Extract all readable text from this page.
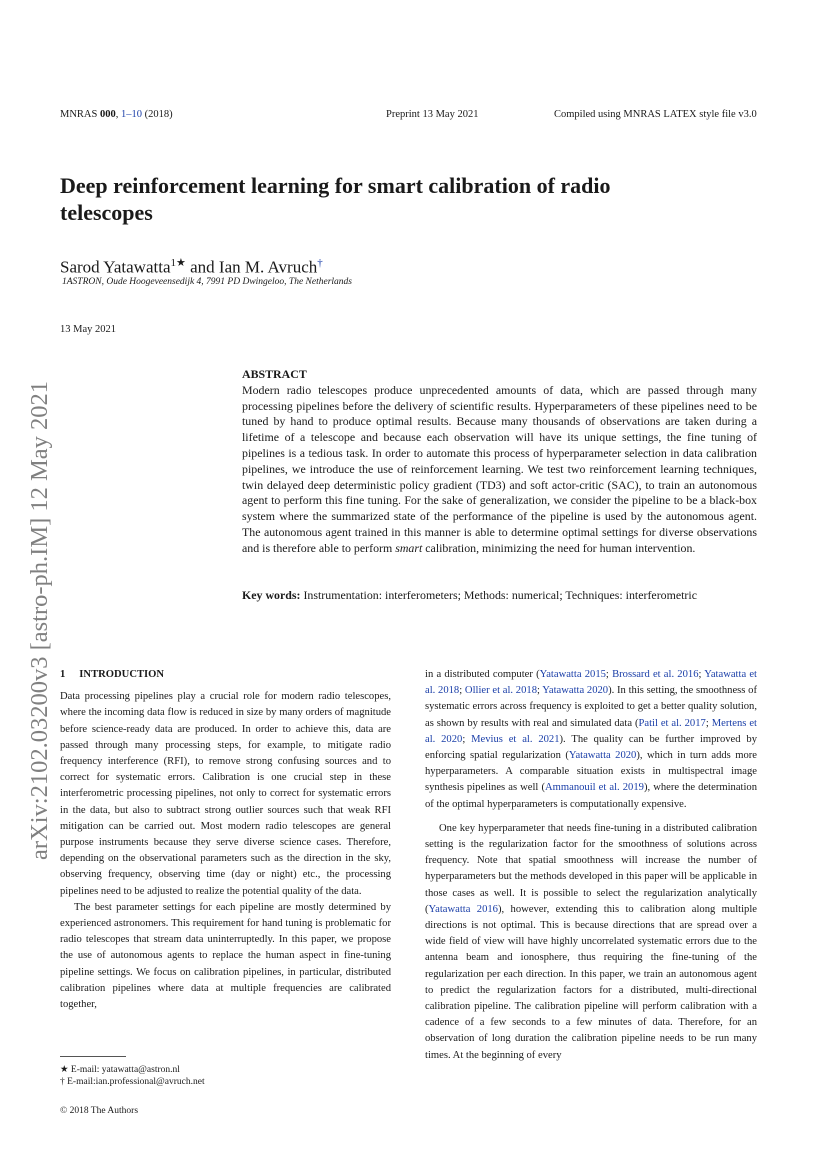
MNRAS 000, 1–10 (2018)	Preprint 13 May 2021	Compiled using MNRAS LATEX style file v3.0
Deep reinforcement learning for smart calibration of radio telescopes
Sarod Yatawatta$^{1★}$ and Ian M. Avruch†
1ASTRON, Oude Hoogeveensedijk 4, 7991 PD Dwingeloo, The Netherlands
13 May 2021
arXiv:2102.03200v3 [astro-ph.IM] 12 May 2021
ABSTRACT
Modern radio telescopes produce unprecedented amounts of data, which are passed through many processing pipelines before the delivery of scientific results. Hyperparameters of these pipelines need to be tuned by hand to produce optimal results. Because many thousands of observations are taken during a lifetime of a telescope and because each observation will have its unique settings, the fine tuning of pipelines is a tedious task. In order to automate this process of hyperparameter selection in data calibration pipelines, we introduce the use of reinforcement learning. We test two reinforcement learning techniques, twin delayed deep deterministic policy gradient (TD3) and soft actor-critic (SAC), to train an autonomous agent to perform this fine tuning. For the sake of generalization, we consider the pipeline to be a black-box system where the summarized state of the performance of the pipeline is used by the autonomous agent. The autonomous agent trained in this manner is able to determine optimal settings for diverse observations and is therefore able to perform smart calibration, minimizing the need for human intervention.
Key words: Instrumentation: interferometers; Methods: numerical; Techniques: interferometric
1 INTRODUCTION

Data processing pipelines play a crucial role for modern radio telescopes, where the incoming data flow is reduced in size by many orders of magnitude before science-ready data are produced. In order to achieve this, data are passed through many processing steps, for example, to mitigate radio frequency interference (RFI), to remove strong confusing sources and to correct for systematic errors. Calibration is one crucial step in these interferometric processing pipelines, not only to correct for systematic errors in the data, but also to subtract strong outlier sources such that weak RFI mitigation can be carried out. Most modern radio telescopes are general purpose instruments because they serve diverse science cases. Therefore, depending on the observational parameters such as the direction in the sky, observing frequency, observing time (day or night) etc., the processing pipelines need to be adjusted to realize the potential quality of the data.

The best parameter settings for each pipeline are mostly determined by experienced astronomers. This requirement for hand tuning is problematic for radio telescopes that stream data uninterruptedly. In this paper, we propose the use of autonomous agents to replace the human aspect in fine-tuning pipeline settings. We focus on calibration pipelines, in particular, distributed calibration pipelines where data at multiple frequencies are calibrated together,

in a distributed computer (Yatawatta 2015; Brossard et al. 2016; Yatawatta et al. 2018; Ollier et al. 2018; Yatawatta 2020). In this setting, the smoothness of systematic errors across frequency is exploited to get a better quality solution, as shown by results with real and simulated data (Patil et al. 2017; Mertens et al. 2020; Mevius et al. 2021). The quality can be further improved by enforcing spatial regularization (Yatawatta 2020), which in turn adds more hyperparameters. A comparable situation exists in multispectral image synthesis pipelines as well (Ammanouil et al. 2019), where the determination of the optimal hyperparameters is computationally expensive.

One key hyperparameter that needs fine-tuning in a distributed calibration setting is the regularization factor for the smoothness of solutions across frequency. Note that spatial smoothness will increase the number of hyperparameters but the methods developed in this paper will be applicable in those cases as well. It is possible to select the regularization analytically (Yatawatta 2016), however, extending this to calibration along multiple directions is not optimal. This is because directions that are spread over a wide field of view will have highly uncorrelated systematic errors due to the antenna beam and ionosphere, thus requiring the fine-tuning of the regularization per each direction. In this paper, we train an autonomous agent to predict the regularization factors for a distributed, multi-directional calibration pipeline. The calibration pipeline will perform calibration with a cadence of a few seconds to a few minutes of data. Therefore, for an observation of long duration the calibration pipeline needs to be run many times. At the beginning of every

★ E-mail: yatawatta@astron.nl
† E-mail:ian.professional@avruch.net
© 2018 The Authors
